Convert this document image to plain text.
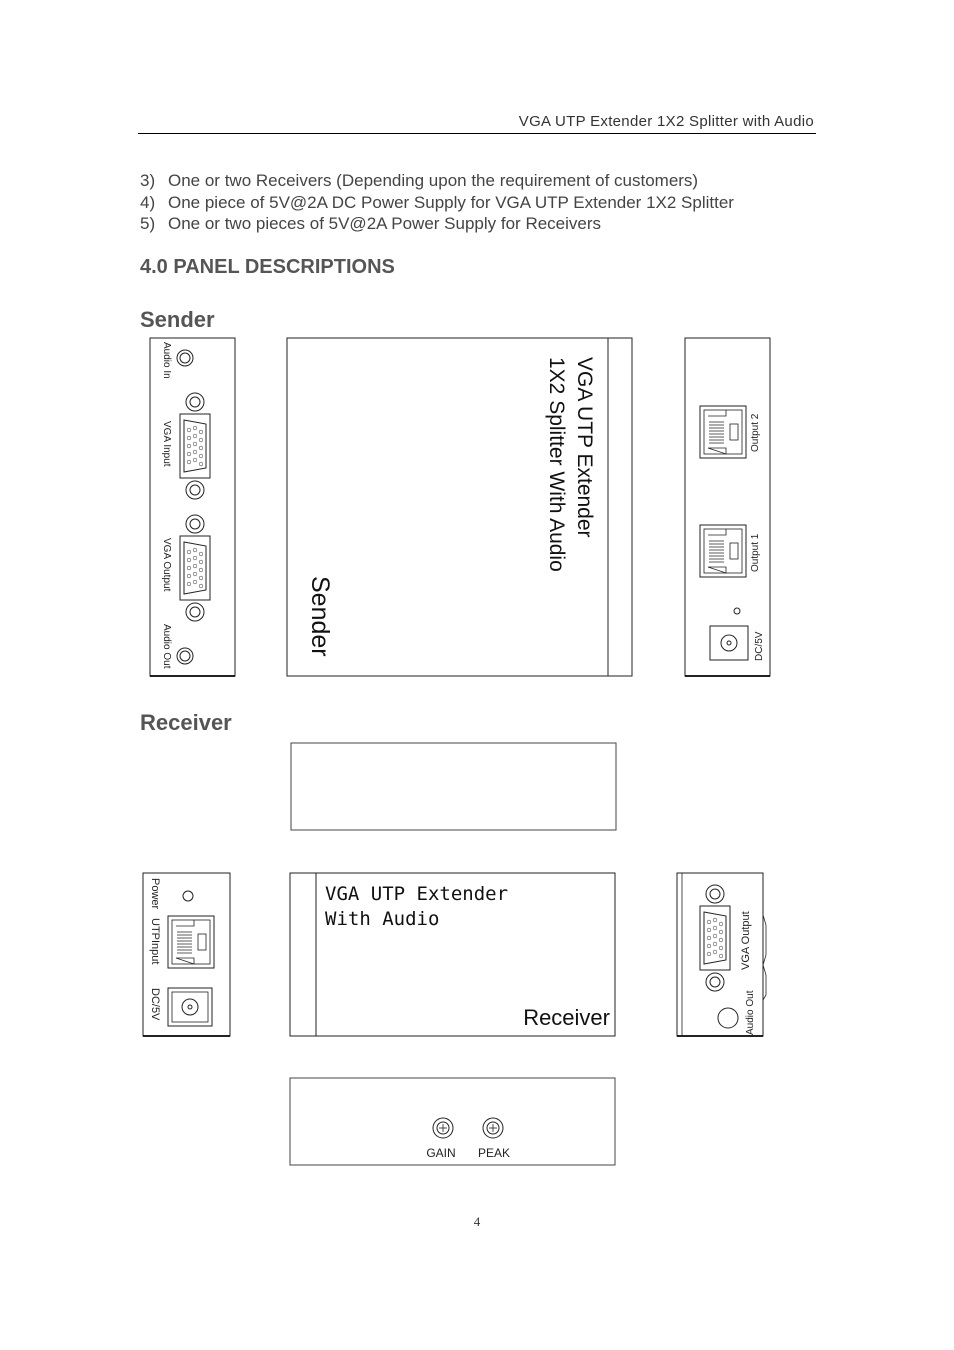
VGA UTP Extender 1X2 Splitter with Audio
3) One or two Receivers (Depending upon the requirement of customers)
4) One piece of 5V@2A DC Power Supply for VGA UTP Extender 1X2 Splitter
5) One or two pieces of 5V@2A Power Supply for Receivers
4.0 PANEL DESCRIPTIONS
Sender
Receiver
Audio In
VGA Input
VGA Output
Audio Out
VGA UTP Extender
1X2 Splitter With Audio
Sender
Output 2
Output 1
DC/5V
Power
UTPInput
DC/5V
VGA UTP Extender
With Audio
Receiver
VGA Output
Audio Out
GAIN PEAK
4
